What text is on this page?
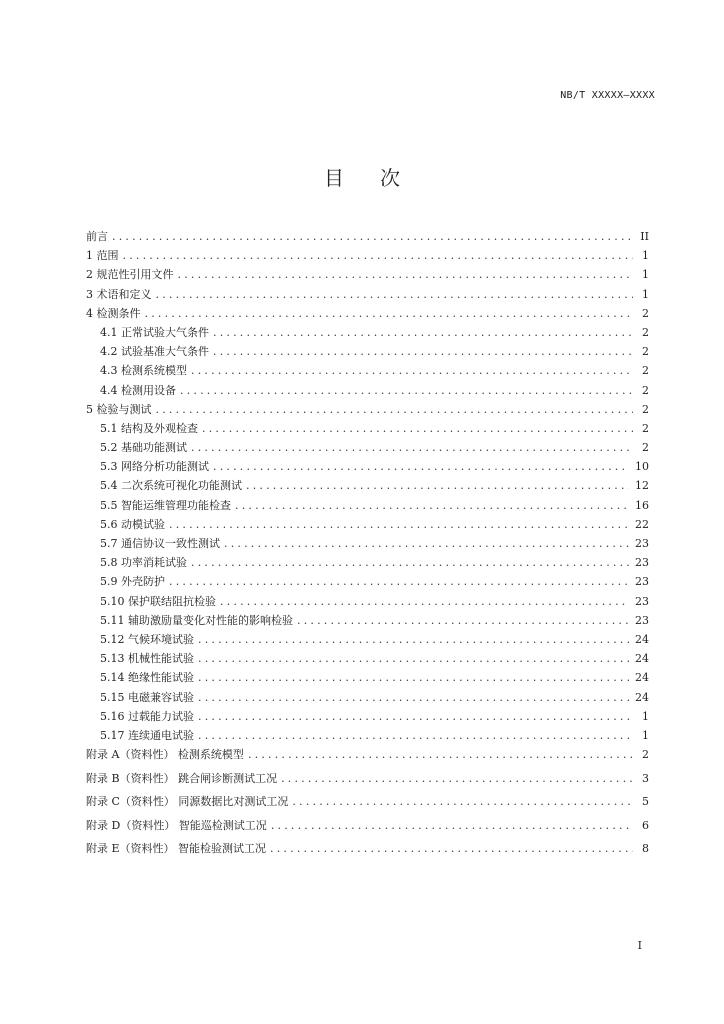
NB/T XXXXX—XXXX
目 次
前言 .....	II
1 范围 .....	1
2 规范性引用文件 .....	1
3 术语和定义 .....	1
4 检测条件 .....	2
4.1 正常试验大气条件 .....	2
4.2 试验基准大气条件 .....	2
4.3 检测系统模型 .....	2
4.4 检测用设备 .....	2
5 检验与测试 .....	2
5.1 结构及外观检查 .....	2
5.2 基础功能测试 .....	2
5.3 网络分析功能测试 .....	10
5.4 二次系统可视化功能测试 .....	12
5.5 智能运维管理功能检查 .....	16
5.6 动模试验 .....	22
5.7 通信协议一致性测试 .....	23
5.8 功率消耗试验 .....	23
5.9 外壳防护 .....	23
5.10 保护联结阻抗检验 .....	23
5.11 辅助激励量变化对性能的影响检验 .....	23
5.12 气候环境试验 .....	24
5.13 机械性能试验 .....	24
5.14 绝缘性能试验 .....	24
5.15 电磁兼容试验 .....	24
5.16 过载能力试验 .....	1
5.17 连续通电试验 .....	1
附录 A（资料性） 检测系统模型 .....	2
附录 B（资料性） 跳合闸诊断测试工况 .....	3
附录 C（资料性） 同源数据比对测试工况 .....	5
附录 D（资料性） 智能巡检测试工况 .....	6
附录 E（资料性） 智能检验测试工况 .....	8
I
